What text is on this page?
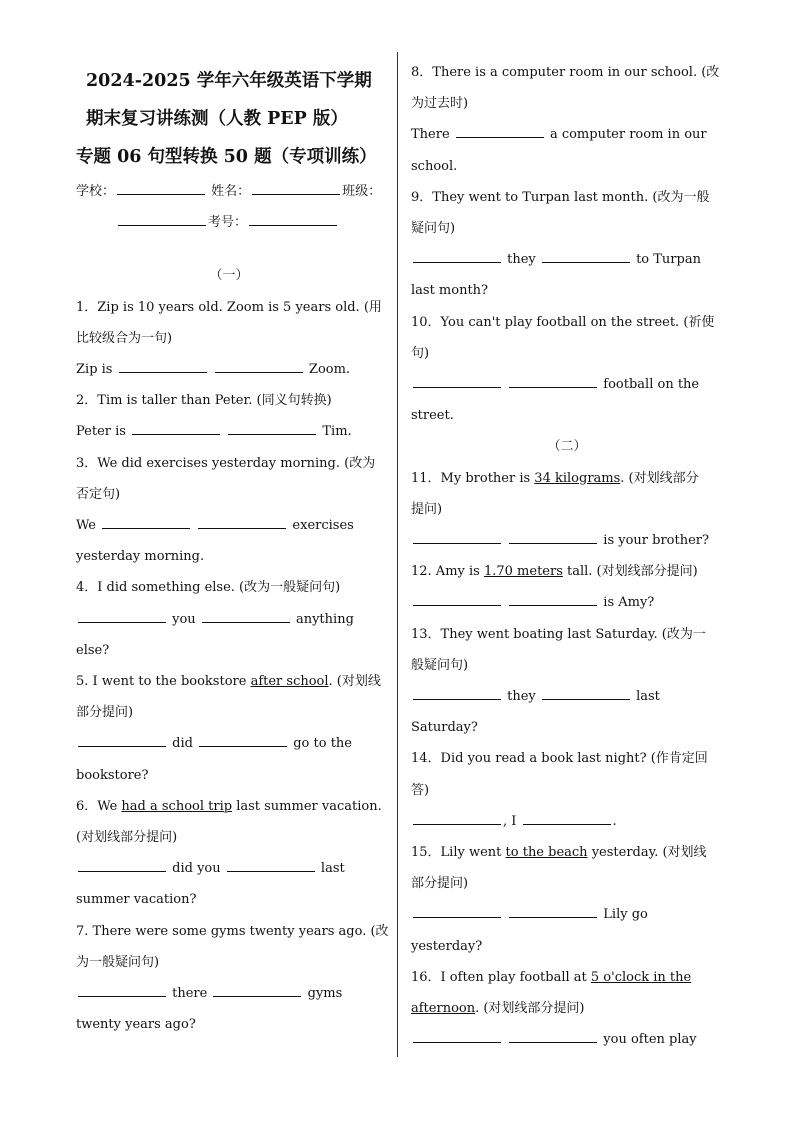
2024-2025 学年六年级英语下学期
期末复习讲练测（人教 PEP 版）
专题 06 句型转换 50 题（专项训练）
学校：	姓名：	班级：
考号：
（一）
1．Zip is 10 years old. Zoom is 5 years old. (用
比较级合为一句)
Zip is	Zoom.
2．Tim is taller than Peter. (同义句转换)
Peter is	Tim.
3．We did exercises yesterday morning. (改为
否定句)
We	exercises
yesterday morning.
4．I did something else. (改为一般疑问句)
you	anything
else?
5. I went to the bookstore after school. (对划线
部分提问)
did	go to the
bookstore?
6．We had a school trip last summer vacation.
(对划线部分提问)
did you	last
summer vacation?
7. There were some gyms twenty years ago. (改
为一般疑问句)
there	gyms
twenty years ago?
8．There is a computer room in our school. (改
为过去时)
There	a computer room in our
school.
9．They went to Turpan last month. (改为一般
疑问句)
they	to Turpan
last month?
10．You can't play football on the street. (祈使
句)
football on the
street.
（二）
11．My brother is 34 kilograms. (对划线部分
提问)
is your brother?
12. Amy is 1.70 meters tall. (对划线部分提问)
is Amy?
13．They went boating last Saturday. (改为一
般疑问句)
they	last
Saturday?
14．Did you read a book last night? (作肯定回
答)
, I	.
15．Lily went to the beach yesterday. (对划线
部分提问)
Lily go
yesterday?
16．I often play football at 5 o'clock in the
afternoon. (对划线部分提问)
you often play
